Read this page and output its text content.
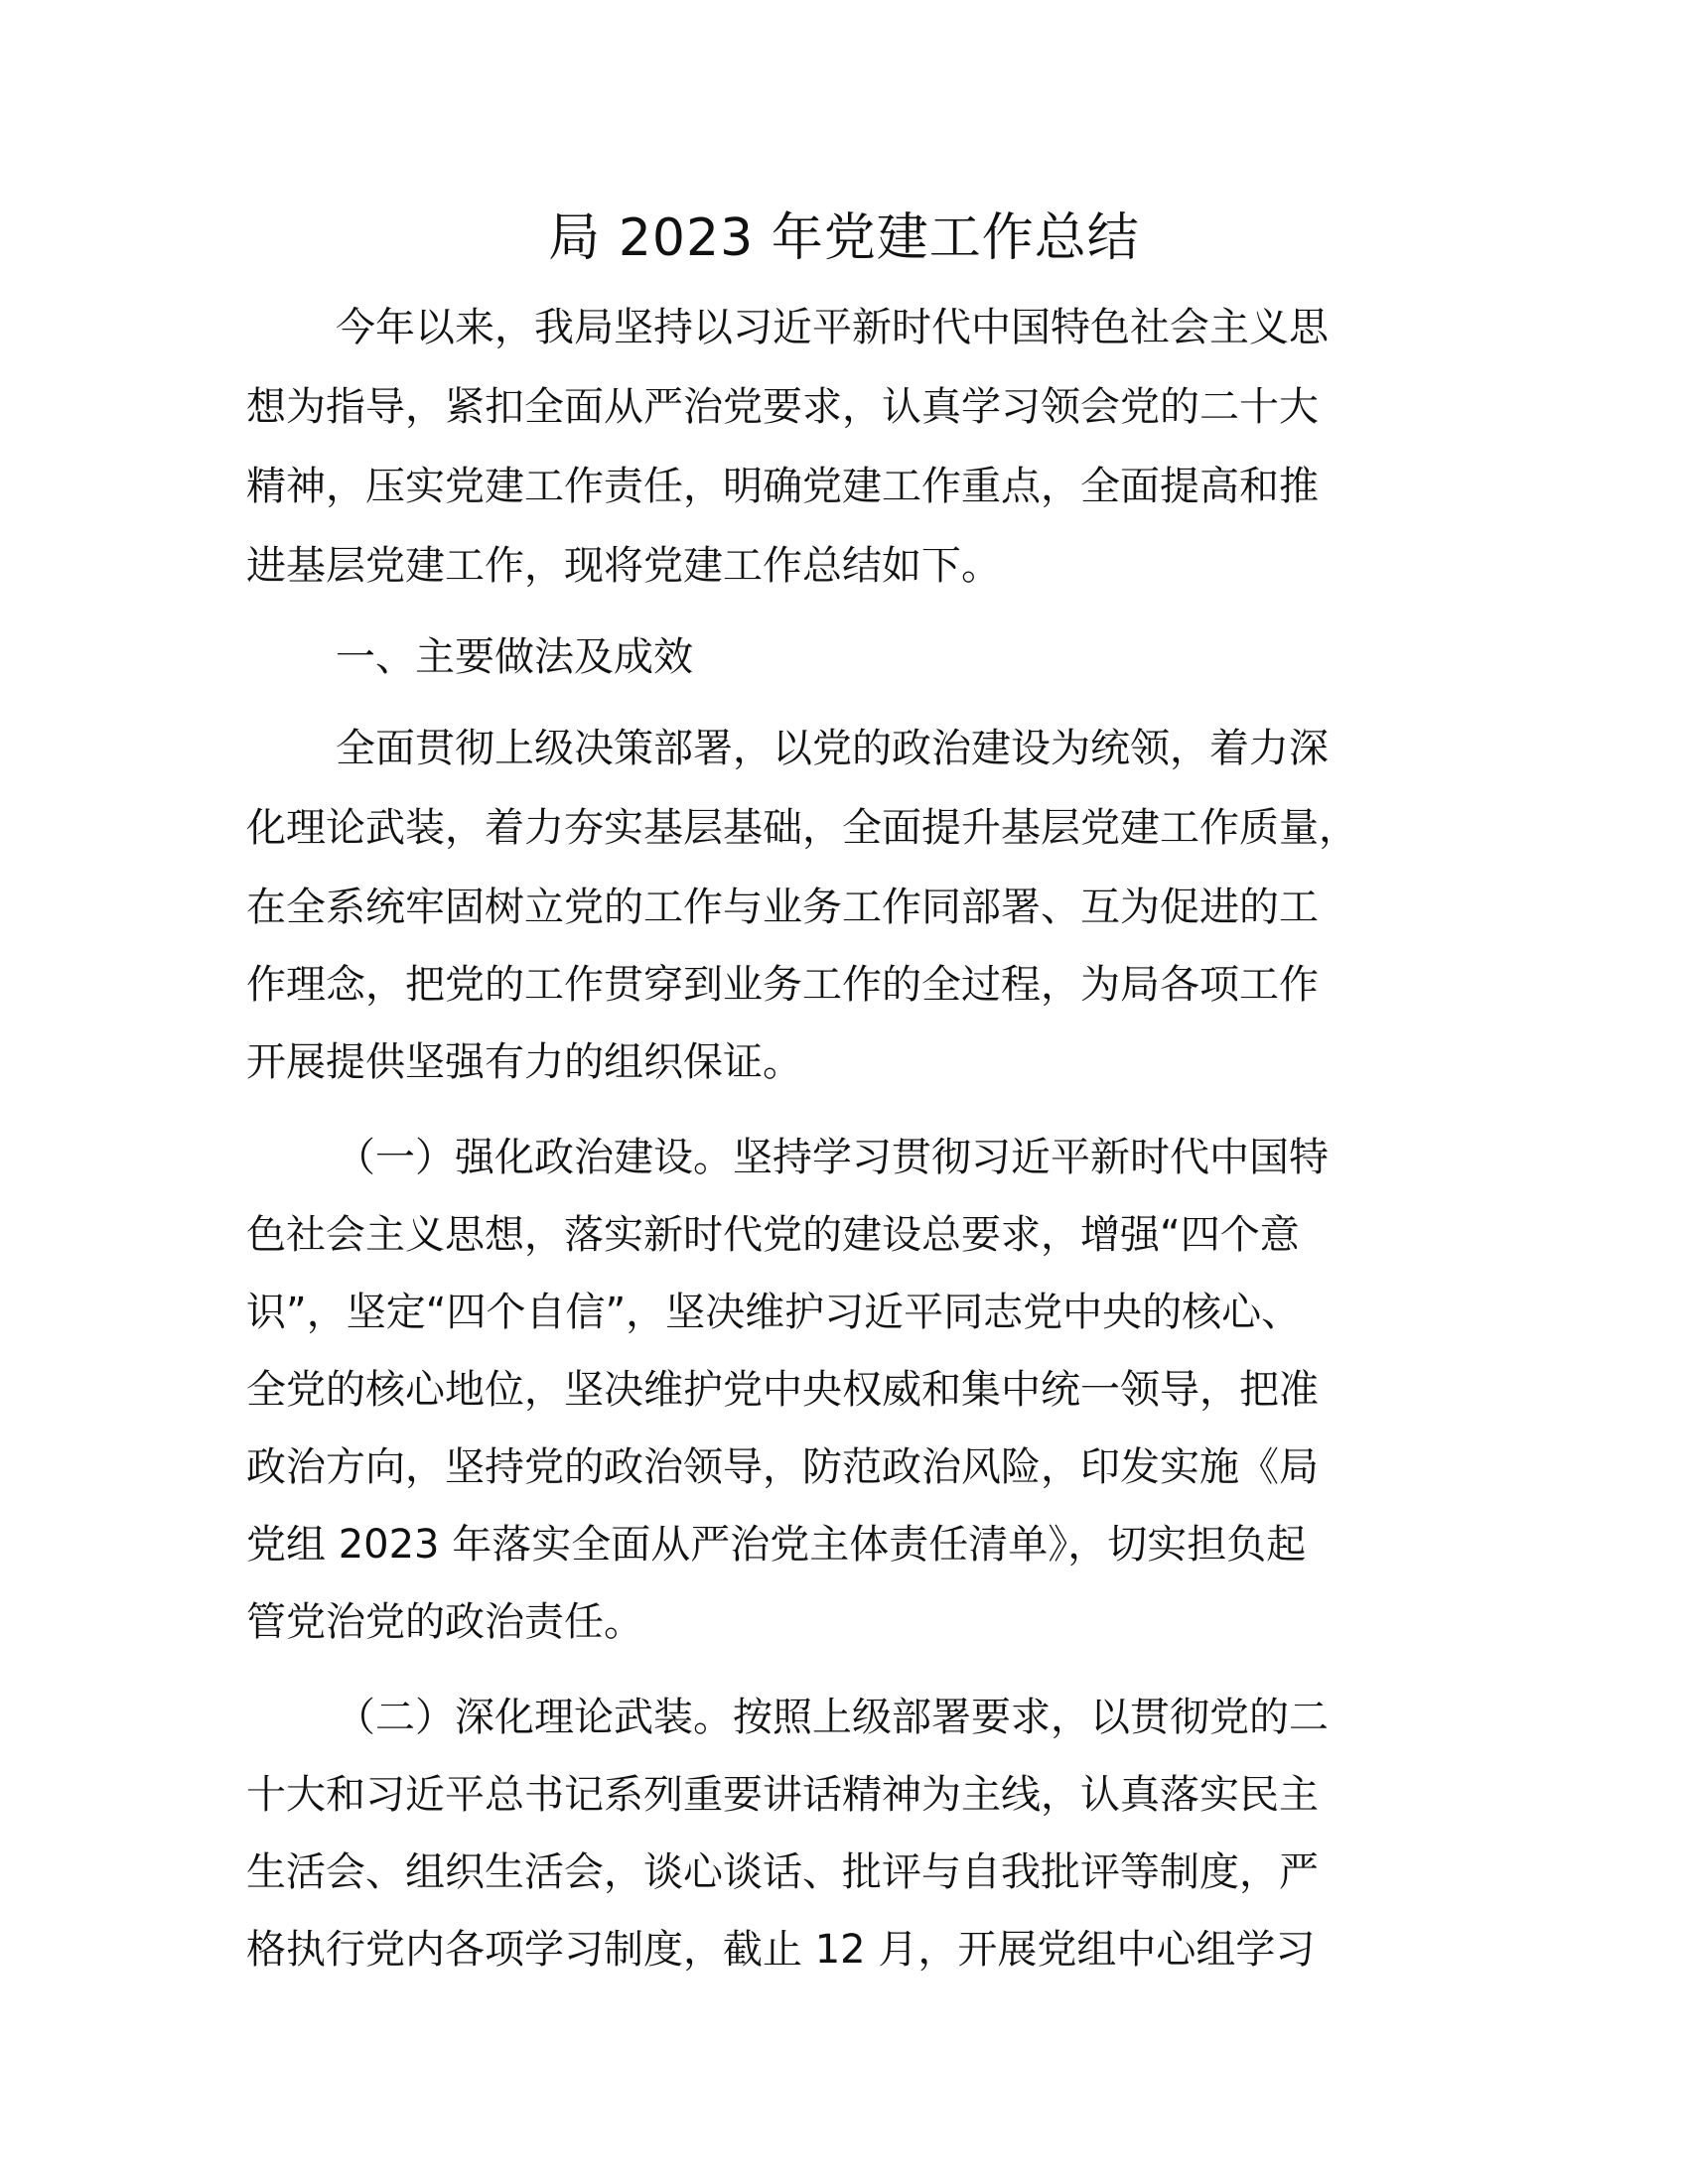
局 2023 年党建工作总结

今年以来，我局坚持以习近平新时代中国特色社会主义思

想为指导，紧扣全面从严治党要求，认真学习领会党的二十大

精神，压实党建工作责任，明确党建工作重点，全面提高和推

进基层党建工作，现将党建工作总结如下。

一、主要做法及成效

全面贯彻上级决策部署，以党的政治建设为统领，着力深

化理论武装，着力夯实基层基础，全面提升基层党建工作质量，

在全系统牢固树立党的工作与业务工作同部署、互为促进的工

作理念，把党的工作贯穿到业务工作的全过程，为局各项工作

开展提供坚强有力的组织保证。

（一）强化政治建设。坚持学习贯彻习近平新时代中国特

色社会主义思想，落实新时代党的建设总要求，增强“四个意

识”，坚定“四个自信”，坚决维护习近平同志党中央的核心、

全党的核心地位，坚决维护党中央权威和集中统一领导，把准

政治方向，坚持党的政治领导，防范政治风险，印发实施《局

党组 2023 年落实全面从严治党主体责任清单》，切实担负起

管党治党的政治责任。

（二）深化理论武装。按照上级部署要求，以贯彻党的二

十大和习近平总书记系列重要讲话精神为主线，认真落实民主

生活会、组织生活会，谈心谈话、批评与自我批评等制度，严

格执行党内各项学习制度，截止 12 月，开展党组中心组学习
